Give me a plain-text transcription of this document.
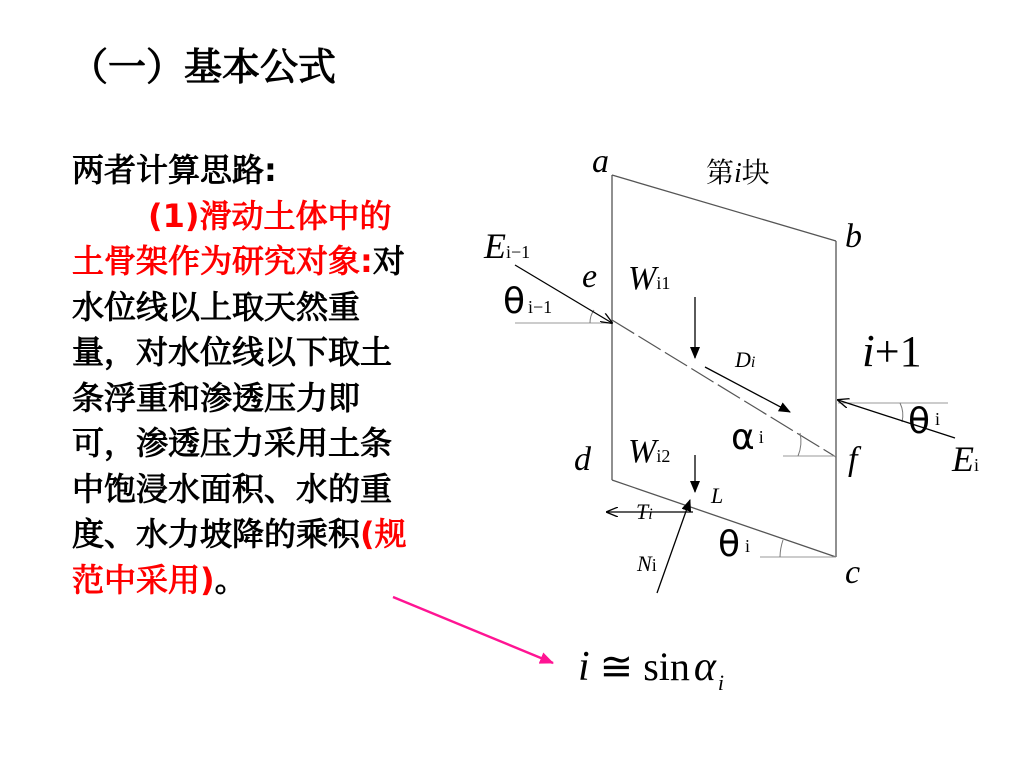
（一）基本公式
两者计算思路:
(1)滑动土体中的土骨架作为研究对象:对水位线以上取天然重量，对水位线以下取土条浮重和渗透压力即可，渗透压力采用土条中饱浸水面积、水的重度、水力坡降的乘积(规范中采用)。
a
b
c
d
e
f
第i块
Ei−1
θi−1
Wi1
Di i+1
θi
Ei
αi
Wi2
L
Ti
Ni θi
i ≅ sinαi
